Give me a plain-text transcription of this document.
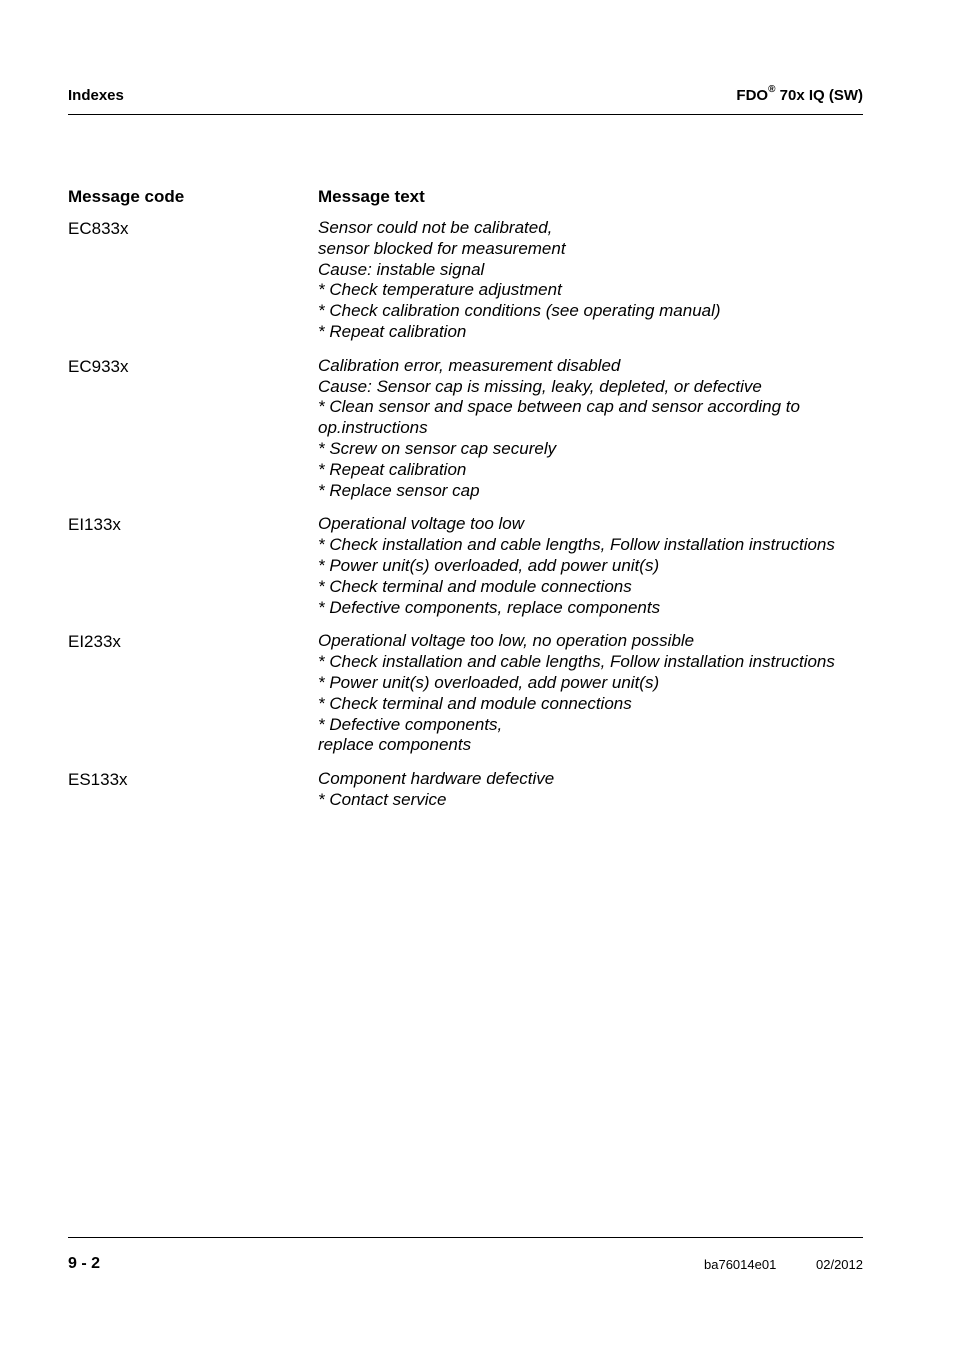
Indexes	FDO® 70x IQ (SW)
Message code	Message text
EC833x	Sensor could not be calibrated,
sensor blocked for measurement
Cause: instable signal
* Check temperature adjustment
* Check calibration conditions (see operating manual)
* Repeat calibration
EC933x	Calibration error, measurement disabled
Cause: Sensor cap is missing, leaky, depleted, or defective
* Clean sensor and space between cap and sensor according to
op.instructions
* Screw on sensor cap securely
* Repeat calibration
* Replace sensor cap
EI133x	Operational voltage too low
* Check installation and cable lengths, Follow installation instructions
* Power unit(s) overloaded, add power unit(s)
* Check terminal and module connections
* Defective components, replace components
EI233x	Operational voltage too low, no operation possible
* Check installation and cable lengths, Follow installation instructions
* Power unit(s) overloaded, add power unit(s)
* Check terminal and module connections
* Defective components,
replace components
ES133x	Component hardware defective
* Contact service
9 - 2	ba76014e01	02/2012
